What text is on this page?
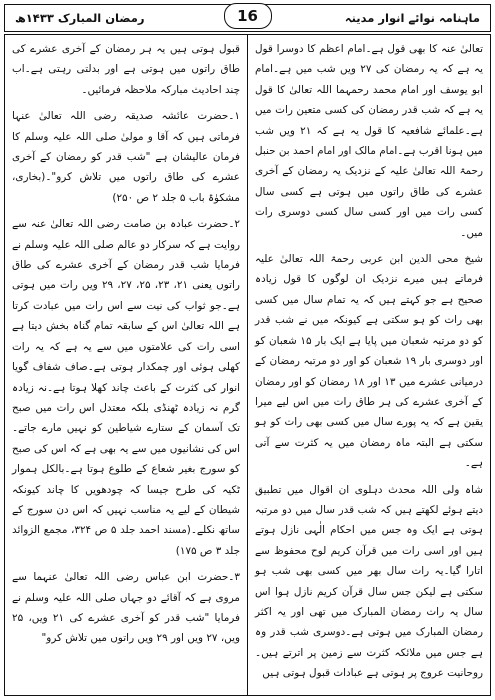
ماہنامہ نوائے انوار مدینہ
رمضان المبارک ۱۴۳۳ھ	16

تعالیٰ عنہ کا بھی قول ہے۔امام اعظم کا دوسرا قول یہ ہے کہ یہ رمضان کی ۲۷ ویں شب میں ہے۔امام ابو یوسف اور امام محمد رحمہما اللہ تعالیٰ کا قول یہ ہے کہ شب قدر رمضان کی کسی متعین رات میں ہے۔علمائے شافعیہ کا قول یہ ہے کہ ۲۱ ویں شب میں ہونا اقرب ہے۔امام مالک اور امام احمد بن حنبل رحمۃ اللہ تعالیٰ علیہ کے نزدیک یہ رمضان کے آخری عشرے کی طاق راتوں میں ہوتی ہے کسی سال کسی رات میں اور کسی سال کسی دوسری رات میں۔

شیخ محی الدین ابن عربی رحمۃ اللہ تعالیٰ علیہ فرماتے ہیں میرے نزدیک ان لوگوں کا قول زیادہ صحیح ہے جو کہتے ہیں کہ یہ تمام سال میں کسی بھی رات کو ہو سکتی ہے کیونکہ میں نے شب قدر کو دو مرتبہ شعبان میں پایا ہے ایک بار ۱۵ شعبان کو اور دوسری بار ۱۹ شعبان کو اور دو مرتبہ رمضان کے درمیانی عشرے میں ۱۳ اور ۱۸ رمضان کو اور رمضان کے آخری عشرے کی ہر طاق رات میں اس لیے میرا یقین ہے کہ یہ پورے سال میں کسی بھی رات کو ہو سکتی ہے البتہ ماہ رمضان میں یہ کثرت سے آتی ہے۔

شاہ ولی اللہ محدث دہلوی ان اقوال میں تطبیق دیتے ہوئے لکھتے ہیں کہ شب قدر سال میں دو مرتبہ ہوتی ہے ایک وہ جس میں احکام الٰہی نازل ہوتے ہیں اور اسی رات میں قرآن کریم لوح محفوظ سے اتارا گیا۔یہ رات سال بھر میں کسی بھی شب ہو سکتی ہے لیکن جس سال قرآن کریم نازل ہوا اس سال یہ رات رمضان المبارک میں تھی اور یہ اکثر رمضان المبارک میں ہوتی ہے۔دوسری شب قدر وہ ہے جس میں ملائکہ کثرت سے زمین پر اترتے ہیں۔روحانیت عروج پر ہوتی ہے عبادات قبول ہوتی ہیں

قبول ہوتی ہیں یہ ہر رمضان کے آخری عشرے کی طاق راتوں میں ہوتی ہے اور بدلتی رہتی ہے۔اب چند احادیث مبارکہ ملاحظہ فرمائیں۔

۱۔حضرت عائشہ صدیقہ رضی اللہ تعالیٰ عنہا فرماتی ہیں کہ آقا و مولیٰ صلی اللہ علیہ وسلم کا فرمان عالیشان ہے "شب قدر کو رمضان کے آخری عشرے کی طاق راتوں میں تلاش کرو"۔(بخاری، مشکوٰۃ باب ۵ جلد ۲ ص ۲۵۰)

۲۔حضرت عبادہ بن صامت رضی اللہ تعالیٰ عنہ سے روایت ہے کہ سرکار دو عالم صلی اللہ علیہ وسلم نے فرمایا شب قدر رمضان کے آخری عشرے کی طاق راتوں یعنی ۲۱، ۲۳، ۲۵، ۲۷، ۲۹ ویں رات میں ہوتی ہے۔جو ثواب کی نیت سے اس رات میں عبادت کرتا ہے اللہ تعالیٰ اس کے سابقہ تمام گناہ بخش دیتا ہے اسی رات کی علامتوں میں سے یہ ہے کہ یہ رات کھلی ہوئی اور چمکدار ہوتی ہے۔صاف شفاف گویا انوار کی کثرت کے باعث چاند کھلا ہوتا ہے۔نہ زیادہ گرم نہ زیادہ ٹھنڈی بلکہ معتدل اس رات میں صبح تک آسمان کے ستارے شیاطین کو نہیں مارے جاتے۔اس کی نشانیوں میں سے یہ بھی ہے کہ اس کی صبح کو سورج بغیر شعاع کے طلوع ہوتا ہے۔بالکل ہموار ٹکیہ کی طرح جیسا کہ چودھویں کا چاند کیونکہ شیطان کے لیے یہ مناسب نہیں کہ اس دن سورج کے ساتھ نکلے۔(مسند احمد جلد ۵ ص ۳۲۴، مجمع الزوائد جلد ۳ ص ۱۷۵)

۳۔حضرت ابن عباس رضی اللہ تعالیٰ عنہما سے مروی ہے کہ آقائے دو جہاں صلی اللہ علیہ وسلم نے فرمایا "شب قدر کو آخری عشرے کی ۲۱ ویں، ۲۵ ویں، ۲۷ ویں اور ۲۹ ویں راتوں میں تلاش کرو"
